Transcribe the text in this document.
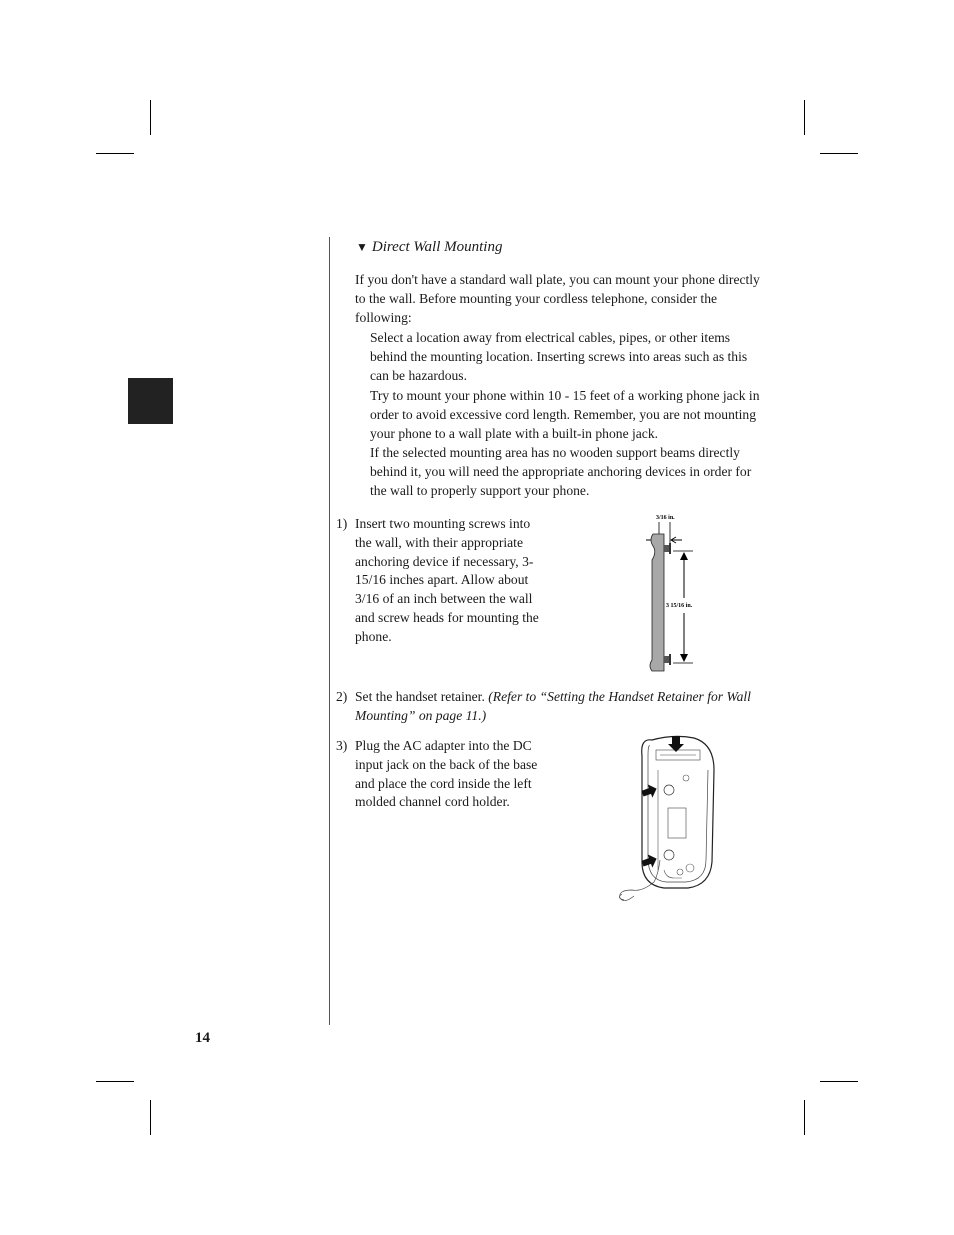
▼ Direct Wall Mounting

If you don't have a standard wall plate, you can mount your phone directly to the wall. Before mounting your cordless telephone, consider the following:

Select a location away from electrical cables, pipes, or other items behind the mounting location. Inserting screws into areas such as this can be hazardous.

Try to mount your phone within 10 - 15 feet of a working phone jack in order to avoid excessive cord length. Remember, you are not mounting your phone to a wall plate with a built-in phone jack.

If the selected mounting area has no wooden support beams directly behind it, you will need the appropriate anchoring devices in order for the wall to properly support your phone.

1) Insert two mounting screws into the wall, with their appropriate anchoring device if necessary, 3-15/16 inches apart. Allow about 3/16 of an inch between the wall and screw heads for mounting the phone.

3/16 in.
3 15/16 in.
2) Set the handset retainer. (Refer to “Setting the Handset Retainer for Wall Mounting” on page 11.)

3) Plug the AC adapter into the DC input jack on the back of the base and place the cord inside the left molded channel cord holder.

14
